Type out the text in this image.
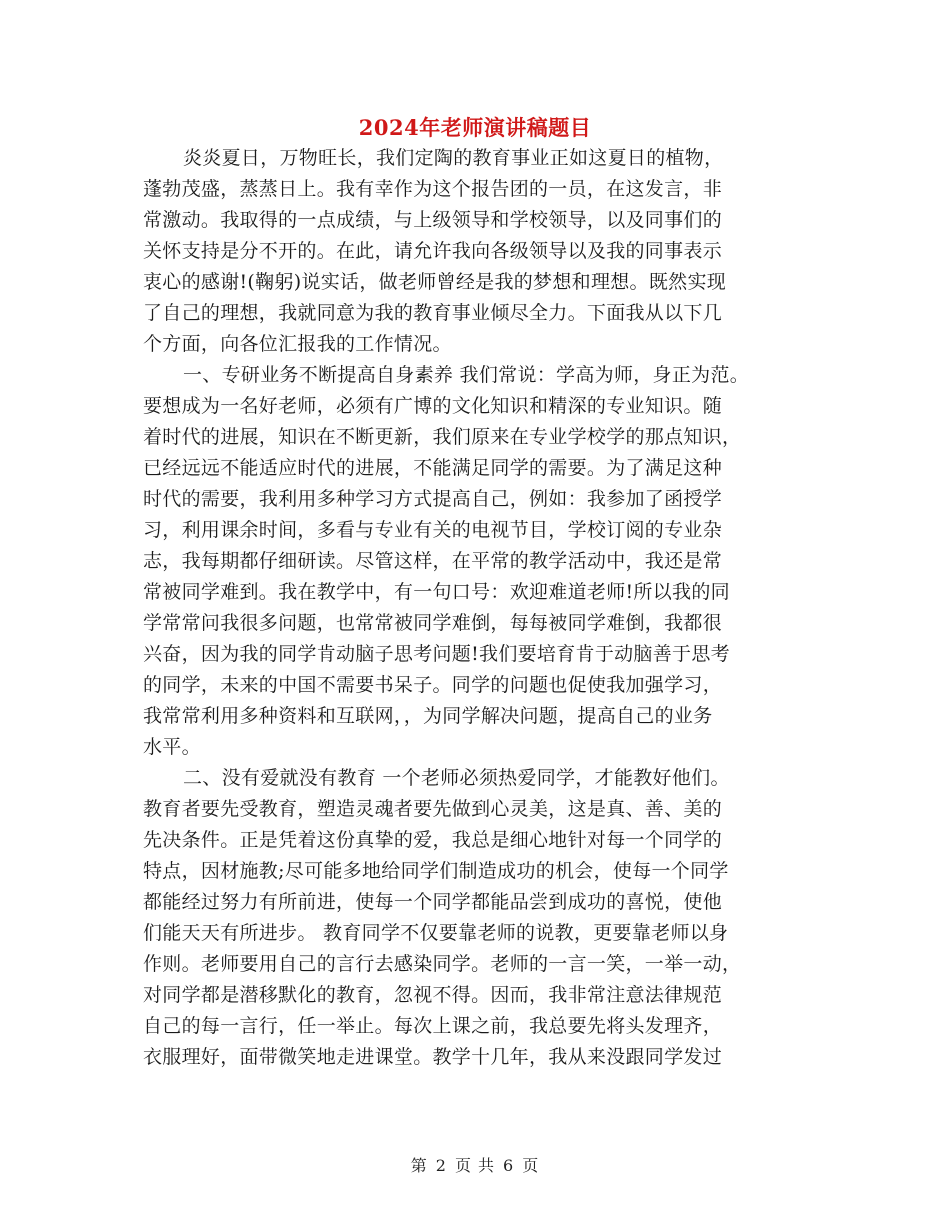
2024年老师演讲稿题目
炎炎夏日，万物旺长，我们定陶的教育事业正如这夏日的植物，
蓬勃茂盛，蒸蒸日上。我有幸作为这个报告团的一员，在这发言，非
常激动。我取得的一点成绩，与上级领导和学校领导，以及同事们的
关怀支持是分不开的。在此，请允许我向各级领导以及我的同事表示
衷心的感谢!(鞠躬)说实话，做老师曾经是我的梦想和理想。既然实现
了自己的理想，我就同意为我的教育事业倾尽全力。下面我从以下几
个方面，向各位汇报我的工作情况。
一、专研业务不断提高自身素养 我们常说：学高为师，身正为范。
要想成为一名好老师，必须有广博的文化知识和精深的专业知识。随
着时代的进展，知识在不断更新，我们原来在专业学校学的那点知识，
已经远远不能适应时代的进展，不能满足同学的需要。为了满足这种
时代的需要，我利用多种学习方式提高自己，例如：我参加了函授学
习，利用课余时间，多看与专业有关的电视节目，学校订阅的专业杂
志，我每期都仔细研读。尽管这样，在平常的教学活动中，我还是常
常被同学难到。我在教学中，有一句口号：欢迎难道老师!所以我的同
学常常问我很多问题，也常常被同学难倒，每每被同学难倒，我都很
兴奋，因为我的同学肯动脑子思考问题!我们要培育肯于动脑善于思考
的同学，未来的中国不需要书呆子。同学的问题也促使我加强学习，
我常常利用多种资料和互联网，，为同学解决问题，提高自己的业务
水平。
二、没有爱就没有教育 一个老师必须热爱同学，才能教好他们。
教育者要先受教育，塑造灵魂者要先做到心灵美，这是真、善、美的
先决条件。正是凭着这份真挚的爱，我总是细心地针对每一个同学的
特点，因材施教;尽可能多地给同学们制造成功的机会，使每一个同学
都能经过努力有所前进，使每一个同学都能品尝到成功的喜悦，使他
们能天天有所进步。 教育同学不仅要靠老师的说教，更要靠老师以身
作则。老师要用自己的言行去感染同学。老师的一言一笑，一举一动，
对同学都是潜移默化的教育，忽视不得。因而，我非常注意法律规范
自己的每一言行，任一举止。每次上课之前，我总要先将头发理齐，
衣服理好，面带微笑地走进课堂。教学十几年，我从来没跟同学发过
第 2 页 共 6 页
